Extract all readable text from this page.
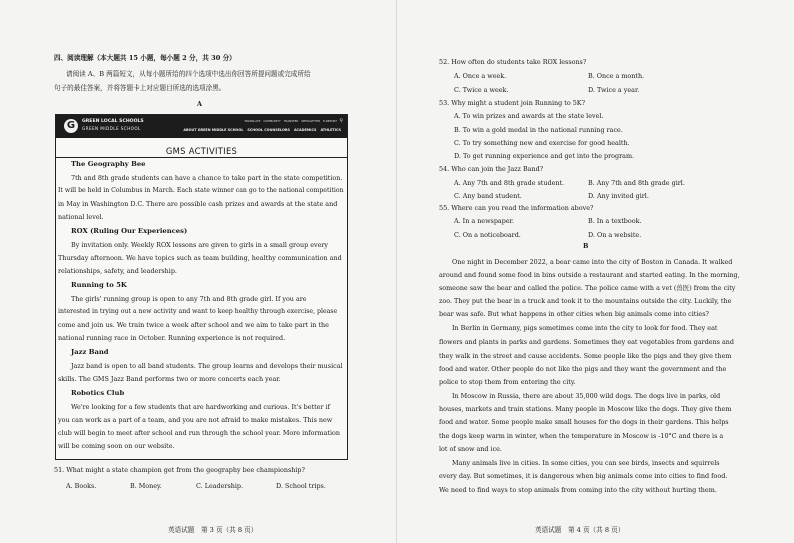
四、阅读理解（本大题共 15 小题，每小题 2 分，共 30 分）
请阅读 A、B 两篇短文，从每小题所给的四个选项中选出你回答所提问题或完成所给
句子的最佳答案，并将答题卡上对应题目所选的选项涂黑。
A
G	GREEN LOCAL SCHOOLS
GREEN MIDDLE SCHOOL
TRANSLATE COMMUNITY TRANSFER NEWSLETTER E-REPORT ⚲
ABOUT GREEN MIDDLE SCHOOL SCHOOL COUNSELORS ACADEMICS ATHLETICS
GMS ACTIVITIES
The Geography Bee
7th and 8th grade students can have a chance to take part in the state competition.
It will be held in Columbus in March. Each state winner can go to the national competition
in May in Washington D.C. There are possible cash prizes and awards at the state and
national level.
ROX (Ruling Our Experiences)
By invitation only. Weekly ROX lessons are given to girls in a small group every
Thursday afternoon. We have topics such as team building, healthy communication and
relationships, safety, and leadership.
Running to 5K
The girls' running group is open to any 7th and 8th grade girl. If you are
interested in trying out a new activity and want to keep healthy through exercise, please
come and join us. We train twice a week after school and we aim to take part in the
national running race in October. Running experience is not required.
Jazz Band
Jazz band is open to all band students. The group learns and develops their musical
skills. The GMS Jazz Band performs two or more concerts each year.
Robotics Club
We're looking for a few students that are hardworking and curious. It's better if
you can work as a part of a team, and you are not afraid to make mistakes. This new
club will begin to meet after school and run through the school year. More information
will be coming soon on our website.
51. What might a state champion get from the geography bee championship?
A. Books.	B. Money.	C. Leadership.	D. School trips.
英语试题　第 3 页（共 8 页）
52. How often do students take ROX lessons?
A. Once a week.	B. Once a month.
C. Twice a week.	D. Twice a year.
53. Why might a student join Running to 5K?
A. To win prizes and awards at the state level.
B. To win a gold medal in the national running race.
C. To try something new and exercise for good health.
D. To get running experience and get into the program.
54. Who can join the Jazz Band?
A. Any 7th and 8th grade student.	B. Any 7th and 8th grade girl.
C. Any band student.	D. Any invited girl.
55. Where can you read the information above?
A. In a newspaper.	B. In a textbook.
C. On a noticeboard.	D. On a website.
B
One night in December 2022, a bear came into the city of Boston in Canada. It walked
around and found some food in bins outside a restaurant and started eating. In the morning,
someone saw the bear and called the police. The police came with a vet (兽医) from the city
zoo. They put the bear in a truck and took it to the mountains outside the city. Luckily, the
bear was safe. But what happens in other cities when big animals come into cities?
In Berlin in Germany, pigs sometimes come into the city to look for food. They eat
flowers and plants in parks and gardens. Sometimes they eat vegetables from gardens and
they walk in the street and cause accidents. Some people like the pigs and they give them
food and water. Other people do not like the pigs and they want the government and the
police to stop them from entering the city.
In Moscow in Russia, there are about 35,000 wild dogs. The dogs live in parks, old
houses, markets and train stations. Many people in Moscow like the dogs. They give them
food and water. Some people make small houses for the dogs in their gardens. This helps
the dogs keep warm in winter, when the temperature in Moscow is -10°C and there is a
lot of snow and ice.
Many animals live in cities. In some cities, you can see birds, insects and squirrels
every day. But sometimes, it is dangerous when big animals come into cities to find food.
We need to find ways to stop animals from coming into the city without hurting them.
英语试题　第 4 页（共 8 页）
